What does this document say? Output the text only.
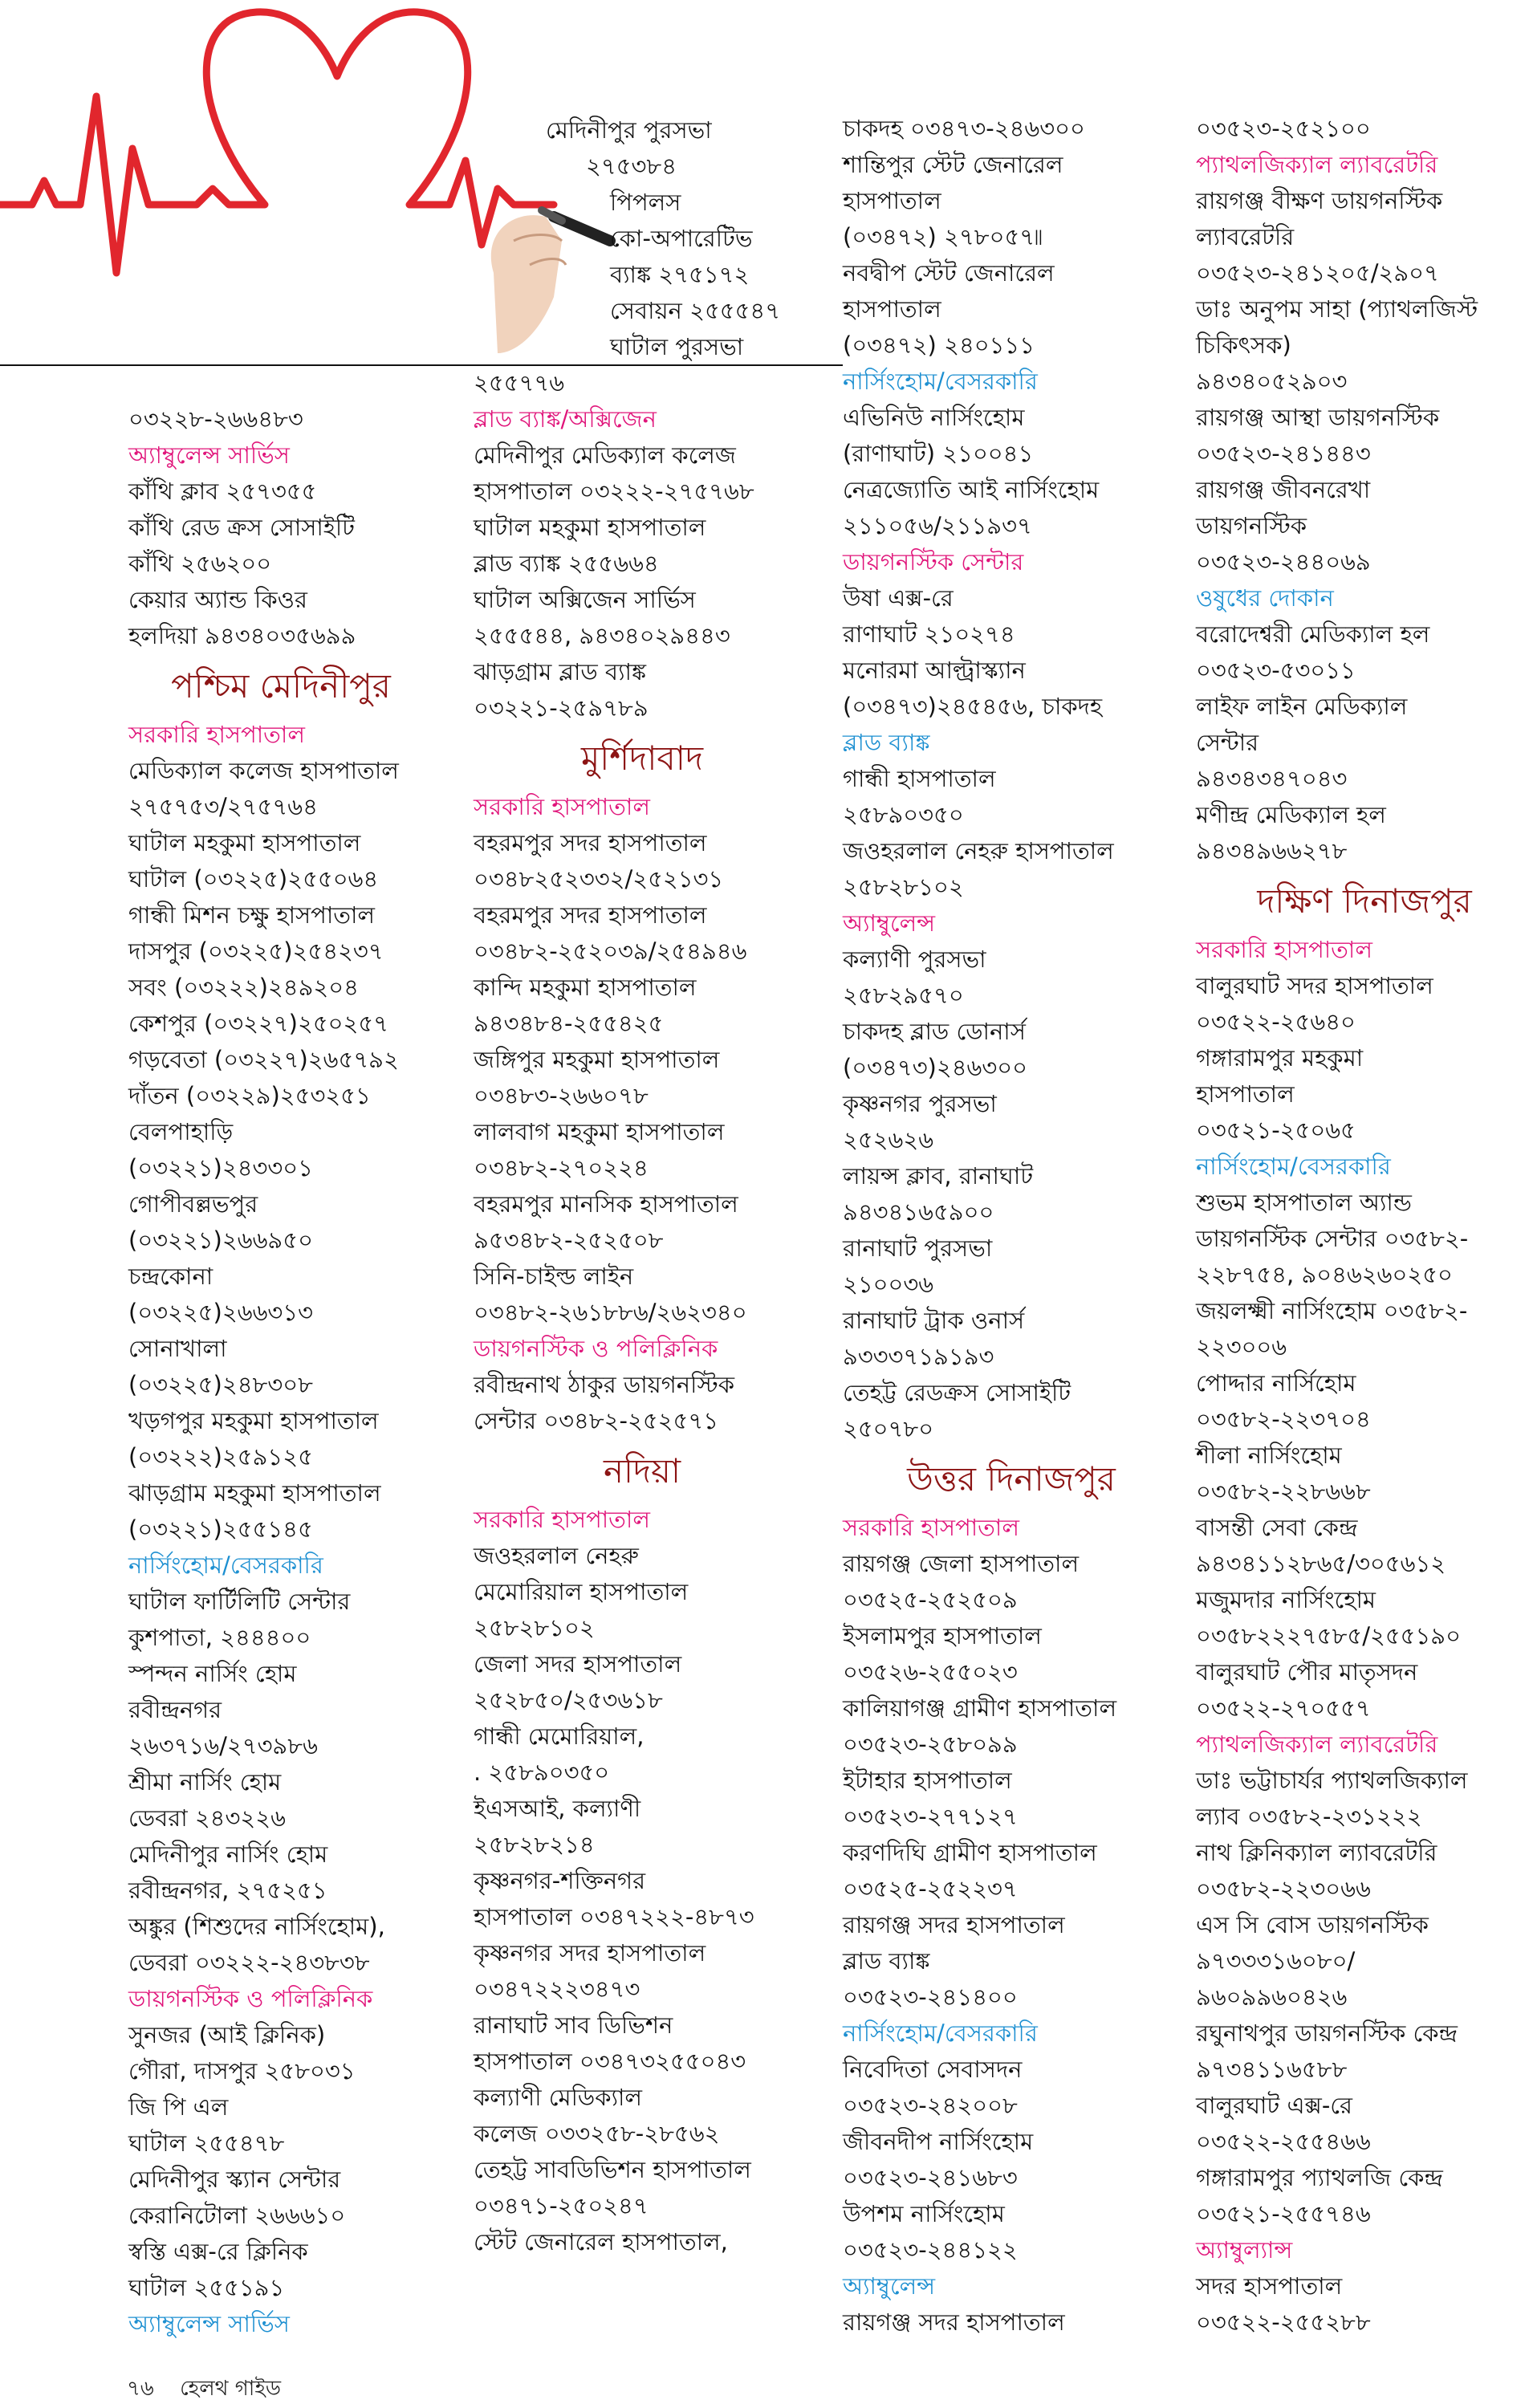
মেদিনীপুর পুরসভা

২৭৫৩৮৪

পিপলস

কো-অপারেটিভ

ব্যাঙ্ক ২৭৫১৭২

সেবায়ন ২৫৫৫৪৭

ঘাটাল পুরসভা

০৩২২৮-২৬৬৪৮৩

অ্যাম্বুলেন্স সার্ভিস

কাঁথি ক্লাব ২৫৭৩৫৫

কাঁথি রেড ক্রস সোসাইটি

কাঁথি ২৫৬২০০

কেয়ার অ্যান্ড কিওর

হলদিয়া ৯৪৩৪০৩৫৬৯৯

পশ্চিম মেদিনীপুর

সরকারি হাসপাতাল

মেডিক্যাল কলেজ হাসপাতাল

২৭৫৭৫৩/২৭৫৭৬৪

ঘাটাল মহকুমা হাসপাতাল

ঘাটাল (০৩২২৫)২৫৫০৬৪

গান্ধী মিশন চক্ষু হাসপাতাল

দাসপুর (০৩২২৫)২৫৪২৩৭

সবং (০৩২২২)২৪৯২০৪

কেশপুর (০৩২২৭)২৫০২৫৭

গড়বেতা (০৩২২৭)২৬৫৭৯২

দাঁতন (০৩২২৯)২৫৩২৫১

বেলপাহাড়ি

(০৩২২১)২৪৩৩০১

গোপীবল্লভপুর

(০৩২২১)২৬৬৯৫০

চন্দ্রকোনা

(০৩২২৫)২৬৬৩১৩

সোনাখালা

(০৩২২৫)২৪৮৩০৮

খড়গপুর মহকুমা হাসপাতাল

(০৩২২২)২৫৯১২৫

ঝাড়গ্রাম মহকুমা হাসপাতাল

(০৩২২১)২৫৫১৪৫

নার্সিংহোম/বেসরকারি

ঘাটাল ফার্টিলিটি সেন্টার

কুশপাতা, ২৪৪৪০০

স্পন্দন নার্সিং হোম

রবীন্দ্রনগর

২৬৩৭১৬/২৭৩৯৮৬

শ্রীমা নার্সিং হোম

ডেবরা ২৪৩২২৬

মেদিনীপুর নার্সিং হোম

রবীন্দ্রনগর, ২৭৫২৫১

অঙ্কুর (শিশুদের নার্সিংহোম),

ডেবরা ০৩২২২-২৪৩৮৩৮

ডায়গনস্টিক ও পলিক্লিনিক

সুনজর (আই ক্লিনিক)

গৌরা, দাসপুর ২৫৮০৩১

জি পি এল

ঘাটাল ২৫৫৪৭৮

মেদিনীপুর স্ক্যান সেন্টার

কেরানিটোলা ২৬৬৬১০

স্বস্তি এক্স-রে ক্লিনিক

ঘাটাল ২৫৫১৯১

অ্যাম্বুলেন্স সার্ভিস

২৫৫৭৭৬

ব্লাড ব্যাঙ্ক/অক্সিজেন

মেদিনীপুর মেডিক্যাল কলেজ

হাসপাতাল ০৩২২২-২৭৫৭৬৮

ঘাটাল মহকুমা হাসপাতাল

ব্লাড ব্যাঙ্ক ২৫৫৬৬৪

ঘাটাল অক্সিজেন সার্ভিস

২৫৫৫৪৪, ৯৪৩৪০২৯৪৪৩

ঝাড়গ্রাম ব্লাড ব্যাঙ্ক

০৩২২১-২৫৯৭৮৯

মুর্শিদাবাদ

সরকারি হাসপাতাল

বহরমপুর সদর হাসপাতাল

০৩৪৮২৫২৩৩২/২৫২১৩১

বহরমপুর সদর হাসপাতাল

০৩৪৮২-২৫২০৩৯/২৫৪৯৪৬

কান্দি মহকুমা হাসপাতাল

৯৪৩৪৮৪-২৫৫৪২৫

জঙ্গিপুর মহকুমা হাসপাতাল

০৩৪৮৩-২৬৬০৭৮

লালবাগ মহকুমা হাসপাতাল

০৩৪৮২-২৭০২২৪

বহরমপুর মানসিক হাসপাতাল

৯৫৩৪৮২-২৫২৫০৮

সিনি-চাইল্ড লাইন

০৩৪৮২-২৬১৮৮৬/২৬২৩৪০

ডায়গনস্টিক ও পলিক্লিনিক

রবীন্দ্রনাথ ঠাকুর ডায়গনস্টিক

সেন্টার ০৩৪৮২-২৫২৫৭১

নদিয়া

সরকারি হাসপাতাল

জওহরলাল নেহরু

মেমোরিয়াল হাসপাতাল

২৫৮২৮১০২

জেলা সদর হাসপাতাল

২৫২৮৫০/২৫৩৬১৮

গান্ধী মেমোরিয়াল,

. ২৫৮৯০৩৫০

ইএসআই, কল্যাণী

২৫৮২৮২১৪

কৃষ্ণনগর-শক্তিনগর

হাসপাতাল ০৩৪৭২২২-৪৮৭৩

কৃষ্ণনগর সদর হাসপাতাল

০৩৪৭২২২৩৪৭৩

রানাঘাট সাব ডিভিশন

হাসপাতাল ০৩৪৭৩২৫৫০৪৩

কল্যাণী মেডিক্যাল

কলেজ ০৩৩২৫৮-২৮৫৬২

তেহট্ট সাবডিভিশন হাসপাতাল

০৩৪৭১-২৫০২৪৭

স্টেট জেনারেল হাসপাতাল,

চাকদহ ০৩৪৭৩-২৪৬৩০০

শান্তিপুর স্টেট জেনারেল

হাসপাতাল

(০৩৪৭২) ২৭৮০৫৭৷৷

নবদ্বীপ স্টেট জেনারেল

হাসপাতাল

(০৩৪৭২) ২৪০১১১

নার্সিংহোম/বেসরকারি

এভিনিউ নার্সিংহোম

(রাণাঘাট) ২১০০৪১

নেত্রজ্যোতি আই নার্সিংহোম

২১১০৫৬/২১১৯৩৭

ডায়গনস্টিক সেন্টার

উষা এক্স-রে

রাণাঘাট ২১০২৭৪

মনোরমা আল্ট্রাস্ক্যান

(০৩৪৭৩)২৪৫৪৫৬, চাকদহ

ব্লাড ব্যাঙ্ক

গান্ধী হাসপাতাল

২৫৮৯০৩৫০

জওহরলাল নেহরু হাসপাতাল

২৫৮২৮১০২

অ্যাম্বুলেন্স

কল্যাণী পুরসভা

২৫৮২৯৫৭০

চাকদহ ব্লাড ডোনার্স

(০৩৪৭৩)২৪৬৩০০

কৃষ্ণনগর পুরসভা

২৫২৬২৬

লায়ন্স ক্লাব, রানাঘাট

৯৪৩৪১৬৫৯০০

রানাঘাট পুরসভা

২১০০৩৬

রানাঘাট ট্রাক ওনার্স

৯৩৩৩৭১৯১৯৩

তেহট্ট রেডক্রস সোসাইটি

২৫০৭৮০

উত্তর দিনাজপুর

সরকারি হাসপাতাল

রায়গঞ্জ জেলা হাসপাতাল

০৩৫২৫-২৫২৫০৯

ইসলামপুর হাসপাতাল

০৩৫২৬-২৫৫০২৩

কালিয়াগঞ্জ গ্রামীণ হাসপাতাল

০৩৫২৩-২৫৮০৯৯

ইটাহার হাসপাতাল

০৩৫২৩-২৭৭১২৭

করণদিঘি গ্রামীণ হাসপাতাল

০৩৫২৫-২৫২২৩৭

রায়গঞ্জ সদর হাসপাতাল

ব্লাড ব্যাঙ্ক

০৩৫২৩-২৪১৪০০

নার্সিংহোম/বেসরকারি

নিবেদিতা সেবাসদন

০৩৫২৩-২৪২০০৮

জীবনদীপ নার্সিংহোম

০৩৫২৩-২৪১৬৮৩

উপশম নার্সিংহোম

০৩৫২৩-২৪৪১২২

অ্যাম্বুলেন্স

রায়গঞ্জ সদর হাসপাতাল

০৩৫২৩-২৫২১০০

প্যাথলজিক্যাল ল্যাবরেটরি

রায়গঞ্জ বীক্ষণ ডায়গনস্টিক

ল্যাবরেটরি

০৩৫২৩-২৪১২০৫/২৯০৭

ডাঃ অনুপম সাহা (প্যাথলজিস্ট

চিকিৎসক)

৯৪৩৪০৫২৯০৩

রায়গঞ্জ আস্থা ডায়গনস্টিক

০৩৫২৩-২৪১৪৪৩

রায়গঞ্জ জীবনরেখা

ডায়গনস্টিক

০৩৫২৩-২৪৪০৬৯

ওষুধের দোকান

বরোদেশ্বরী মেডিক্যাল হল

০৩৫২৩-৫৩০১১

লাইফ লাইন মেডিক্যাল

সেন্টার

৯৪৩৪৩৪৭০৪৩

মণীন্দ্র মেডিক্যাল হল

৯৪৩৪৯৬৬২৭৮

দক্ষিণ দিনাজপুর

সরকারি হাসপাতাল

বালুরঘাট সদর হাসপাতাল

০৩৫২২-২৫৬৪০

গঙ্গারামপুর মহকুমা

হাসপাতাল

০৩৫২১-২৫০৬৫

নার্সিংহোম/বেসরকারি

শুভম হাসপাতাল অ্যান্ড

ডায়গনস্টিক সেন্টার ০৩৫৮২-

২২৮৭৫৪, ৯০৪৬২৬০২৫০

জয়লক্ষ্মী নার্সিংহোম ০৩৫৮২-

২২৩০০৬

পোদ্দার নার্সিহোম

০৩৫৮২-২২৩৭০৪

শীলা নার্সিংহোম

০৩৫৮২-২২৮৬৬৮

বাসন্তী সেবা কেন্দ্র

৯৪৩৪১১২৮৬৫/৩০৫৬১২

মজুমদার নার্সিংহোম

০৩৫৮২২২৭৫৮৫/২৫৫১৯০

বালুরঘাট পৌর মাতৃসদন

০৩৫২২-২৭০৫৫৭

প্যাথলজিক্যাল ল্যাবরেটরি

ডাঃ ভট্টাচার্যর প্যাথলজিক্যাল

ল্যাব ০৩৫৮২-২৩১২২২

নাথ ক্লিনিক্যাল ল্যাবরেটরি

০৩৫৮২-২২৩০৬৬

এস সি বোস ডায়গনস্টিক

৯৭৩৩৩১৬০৮০/

৯৬০৯৯৬০৪২৬

রঘুনাথপুর ডায়গনস্টিক কেন্দ্র

৯৭৩৪১১৬৫৮৮

বালুরঘাট এক্স-রে

০৩৫২২-২৫৫৪৬৬

গঙ্গারামপুর প্যাথলজি কেন্দ্র

০৩৫২১-২৫৫৭৪৬

অ্যাম্বুল্যান্স

সদর হাসপাতাল

০৩৫২২-২৫৫২৮৮

৭৬ হেলথ গাইড
